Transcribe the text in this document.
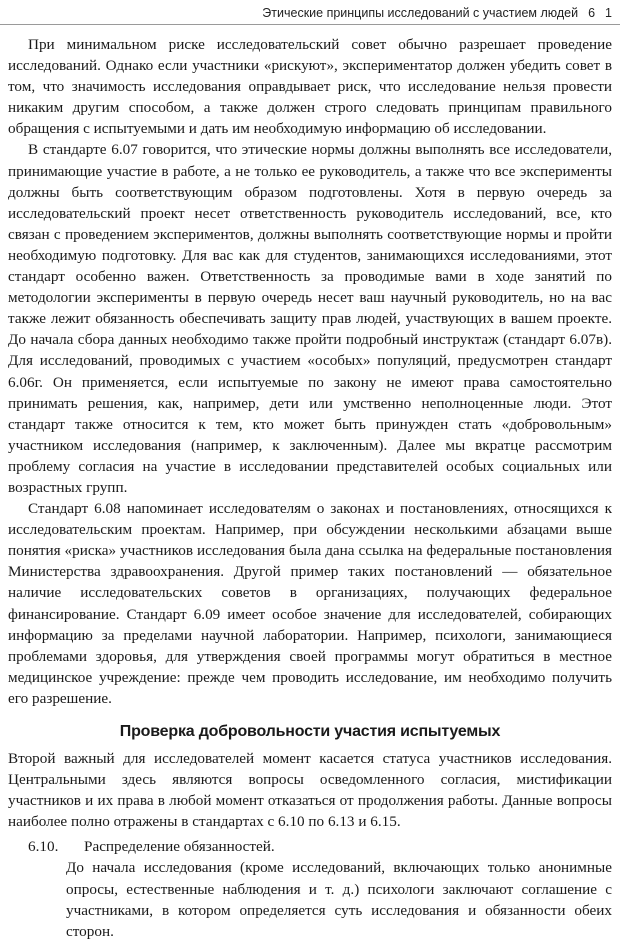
Этические принципы исследований с участием людей 6 1

При минимальном риске исследовательский совет обычно разрешает проведение исследований. Однако если участники «рискуют», экспериментатор должен убедить совет в том, что значимость исследования оправдывает риск, что исследование нельзя провести никаким другим способом, а также должен строго следовать принципам правильного обращения с испытуемыми и дать им необходимую информацию об исследовании.

В стандарте 6.07 говорится, что этические нормы должны выполнять все исследователи, принимающие участие в работе, а не только ее руководитель, а также что все эксперименты должны быть соответствующим образом подготовлены. Хотя в первую очередь за исследовательский проект несет ответственность руководитель исследований, все, кто связан с проведением экспериментов, должны выполнять соответствующие нормы и пройти необходимую подготовку. Для вас как для студентов, занимающихся исследованиями, этот стандарт особенно важен. Ответственность за проводимые вами в ходе занятий по методологии эксперименты в первую очередь несет ваш научный руководитель, но на вас также лежит обязанность обеспечивать защиту прав людей, участвующих в вашем проекте. До начала сбора данных необходимо также пройти подробный инструктаж (стандарт 6.07в). Для исследований, проводимых с участием «особых» популяций, предусмотрен стандарт 6.06г. Он применяется, если испытуемые по закону не имеют права самостоятельно принимать решения, как, например, дети или умственно неполноценные люди. Этот стандарт также относится к тем, кто может быть принужден стать «добровольным» участником исследования (например, к заключенным). Далее мы вкратце рассмотрим проблему согласия на участие в исследовании представителей особых социальных или возрастных групп.

Стандарт 6.08 напоминает исследователям о законах и постановлениях, относящихся к исследовательским проектам. Например, при обсуждении несколькими абзацами выше понятия «риска» участников исследования была дана ссылка на федеральные постановления Министерства здравоохранения. Другой пример таких постановлений — обязательное наличие исследовательских советов в организациях, получающих федеральное финансирование. Стандарт 6.09 имеет особое значение для исследователей, собирающих информацию за пределами научной лаборатории. Например, психологи, занимающиеся проблемами здоровья, для утверждения своей программы могут обратиться в местное медицинское учреждение: прежде чем проводить исследование, им необходимо получить его разрешение.

Проверка добровольности участия испытуемых

Второй важный для исследователей момент касается статуса участников исследования. Центральными здесь являются вопросы осведомленного согласия, мистификации участников и их права в любой момент отказаться от продолжения работы. Данные вопросы наиболее полно отражены в стандартах с 6.10 по 6.13 и 6.15.

6.10. Распределение обязанностей.

До начала исследования (кроме исследований, включающих только анонимные опросы, естественные наблюдения и т. д.) психологи заключают соглашение с участниками, в котором определяется суть исследования и обязанности обеих сторон.
